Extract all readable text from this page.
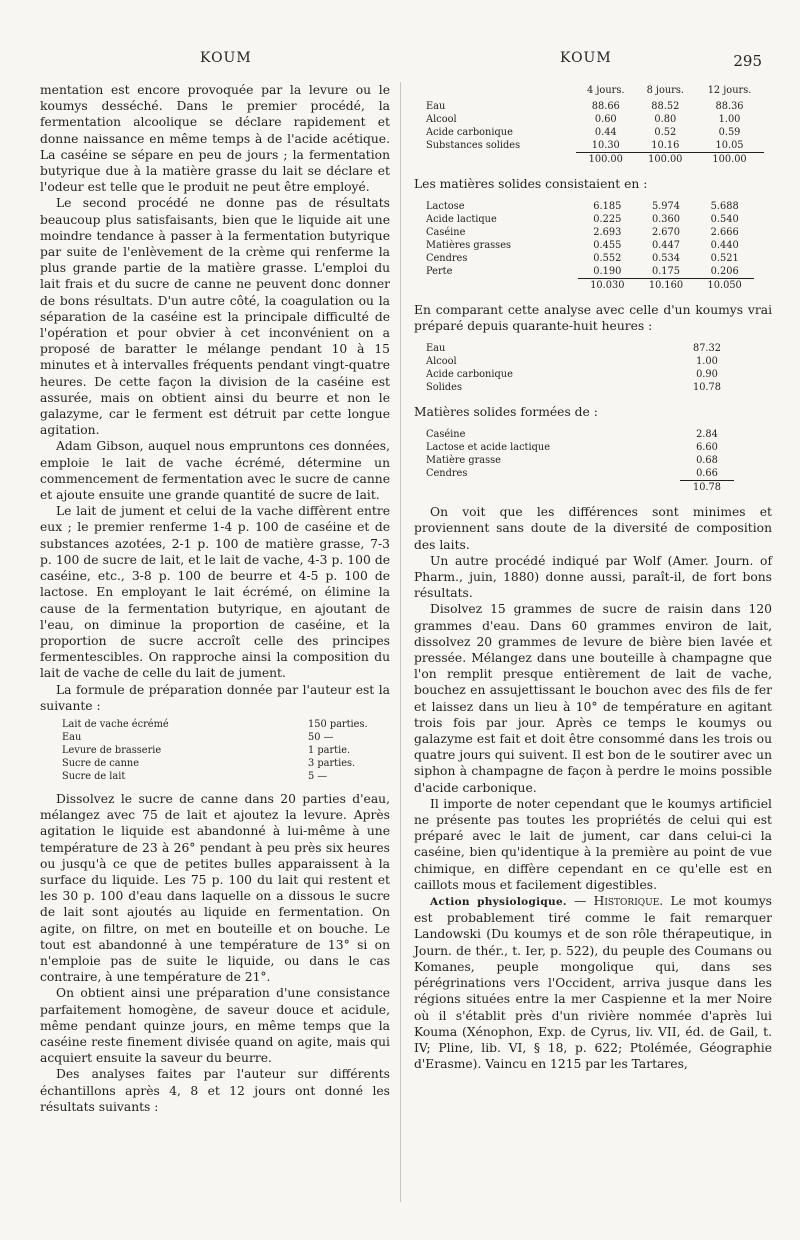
KOUM	KOUM	295

mentation est encore provoquée par la levure ou le koumys desséché. Dans le premier procédé, la fermentation alcoolique se déclare rapidement et donne naissance en même temps à de l'acide acétique. La caséine se sépare en peu de jours ; la fermentation butyrique due à la matière grasse du lait se déclare et l'odeur est telle que le produit ne peut être employé.

Le second procédé ne donne pas de résultats beaucoup plus satisfaisants, bien que le liquide ait une moindre tendance à passer à la fermentation butyrique par suite de l'enlèvement de la crème qui renferme la plus grande partie de la matière grasse. L'emploi du lait frais et du sucre de canne ne peuvent donc donner de bons résultats. D'un autre côté, la coagulation ou la séparation de la caséine est la principale difficulté de l'opération et pour obvier à cet inconvénient on a proposé de baratter le mélange pendant 10 à 15 minutes et à intervalles fréquents pendant vingt-quatre heures. De cette façon la division de la caséine est assurée, mais on obtient ainsi du beurre et non le galazyme, car le ferment est détruit par cette longue agitation.

Adam Gibson, auquel nous empruntons ces données, emploie le lait de vache écrémé, détermine un commencement de fermentation avec le sucre de canne et ajoute ensuite une grande quantité de sucre de lait.

Le lait de jument et celui de la vache diffèrent entre eux ; le premier renferme 1-4 p. 100 de caséine et de substances azotées, 2-1 p. 100 de matière grasse, 7-3 p. 100 de sucre de lait, et le lait de vache, 4-3 p. 100 de caséine, etc., 3-8 p. 100 de beurre et 4-5 p. 100 de lactose. En employant le lait écrémé, on élimine la cause de la fermentation butyrique, en ajoutant de l'eau, on diminue la proportion de caséine, et la proportion de sucre accroît celle des principes fermentescibles. On rapproche ainsi la composition du lait de vache de celle du lait de jument.

La formule de préparation donnée par l'auteur est la suivante :

Lait de vache écrémé	150 parties.
Eau	50 —
Levure de brasserie	1 partie.
Sucre de canne	3 parties.
Sucre de lait	5 —

Dissolvez le sucre de canne dans 20 parties d'eau, mélangez avec 75 de lait et ajoutez la levure. Après agitation le liquide est abandonné à lui-même à une température de 23 à 26° pendant à peu près six heures ou jusqu'à ce que de petites bulles apparaissent à la surface du liquide. Les 75 p. 100 du lait qui restent et les 30 p. 100 d'eau dans laquelle on a dissous le sucre de lait sont ajoutés au liquide en fermentation. On agite, on filtre, on met en bouteille et on bouche. Le tout est abandonné à une température de 13° si on n'emploie pas de suite le liquide, ou dans le cas contraire, à une température de 21°.

On obtient ainsi une préparation d'une consistance parfaitement homogène, de saveur douce et acidule, même pendant quinze jours, en même temps que la caséine reste finement divisée quand on agite, mais qui acquiert ensuite la saveur du beurre.

Des analyses faites par l'auteur sur différents échantillons après 4, 8 et 12 jours ont donné les résultats suivants :

	4 jours.	8 jours.	12 jours.
Eau	88.66	88.52	88.36
Alcool	0.60	0.80	1.00
Acide carbonique	0.44	0.52	0.59
Substances solides	10.30	10.16	10.05
	100.00	100.00	100.00
Les matières solides consistaient en :
Lactose	6.185	5.974	5.688
Acide lactique	0.225	0.360	0.540
Caséine	2.693	2.670	2.666
Matières grasses	0.455	0.447	0.440
Cendres	0.552	0.534	0.521
Perte	0.190	0.175	0.206
	10.030	10.160	10.050
En comparant cette analyse avec celle d'un koumys vrai préparé depuis quarante-huit heures :
Eau	87.32
Alcool	1.00
Acide carbonique	0.90
Solides	10.78
Matières solides formées de :
Caséine	2.84
Lactose et acide lactique	6.60
Matière grasse	0.68
Cendres	0.66
	10.78

On voit que les différences sont minimes et proviennent sans doute de la diversité de composition des laits.

Un autre procédé indiqué par Wolf (Amer. Journ. of Pharm., juin, 1880) donne aussi, paraît-il, de fort bons résultats.

Disolvez 15 grammes de sucre de raisin dans 120 grammes d'eau. Dans 60 grammes environ de lait, dissolvez 20 grammes de levure de bière bien lavée et pressée. Mélangez dans une bouteille à champagne que l'on remplit presque entièrement de lait de vache, bouchez en assujettissant le bouchon avec des fils de fer et laissez dans un lieu à 10° de température en agitant trois fois par jour. Après ce temps le koumys ou galazyme est fait et doit être consommé dans les trois ou quatre jours qui suivent. Il est bon de le soutirer avec un siphon à champagne de façon à perdre le moins possible d'acide carbonique.

Il importe de noter cependant que le koumys artificiel ne présente pas toutes les propriétés de celui qui est préparé avec le lait de jument, car dans celui-ci la caséine, bien qu'identique à la première au point de vue chimique, en diffère cependant en ce qu'elle est en caillots mous et facilement digestibles.

Action physiologique. — Historique. Le mot koumys est probablement tiré comme le fait remarquer Landowski (Du koumys et de son rôle thérapeutique, in Journ. de thér., t. Ier, p. 522), du peuple des Coumans ou Komanes, peuple mongolique qui, dans ses pérégrinations vers l'Occident, arriva jusque dans les régions situées entre la mer Caspienne et la mer Noire où il s'établit près d'un rivière nommée d'après lui Kouma (Xénophon, Exp. de Cyrus, liv. VII, éd. de Gail, t. IV; Pline, lib. VI, § 18, p. 622; Ptolémée, Géographie d'Erasme). Vaincu en 1215 par les Tartares,
